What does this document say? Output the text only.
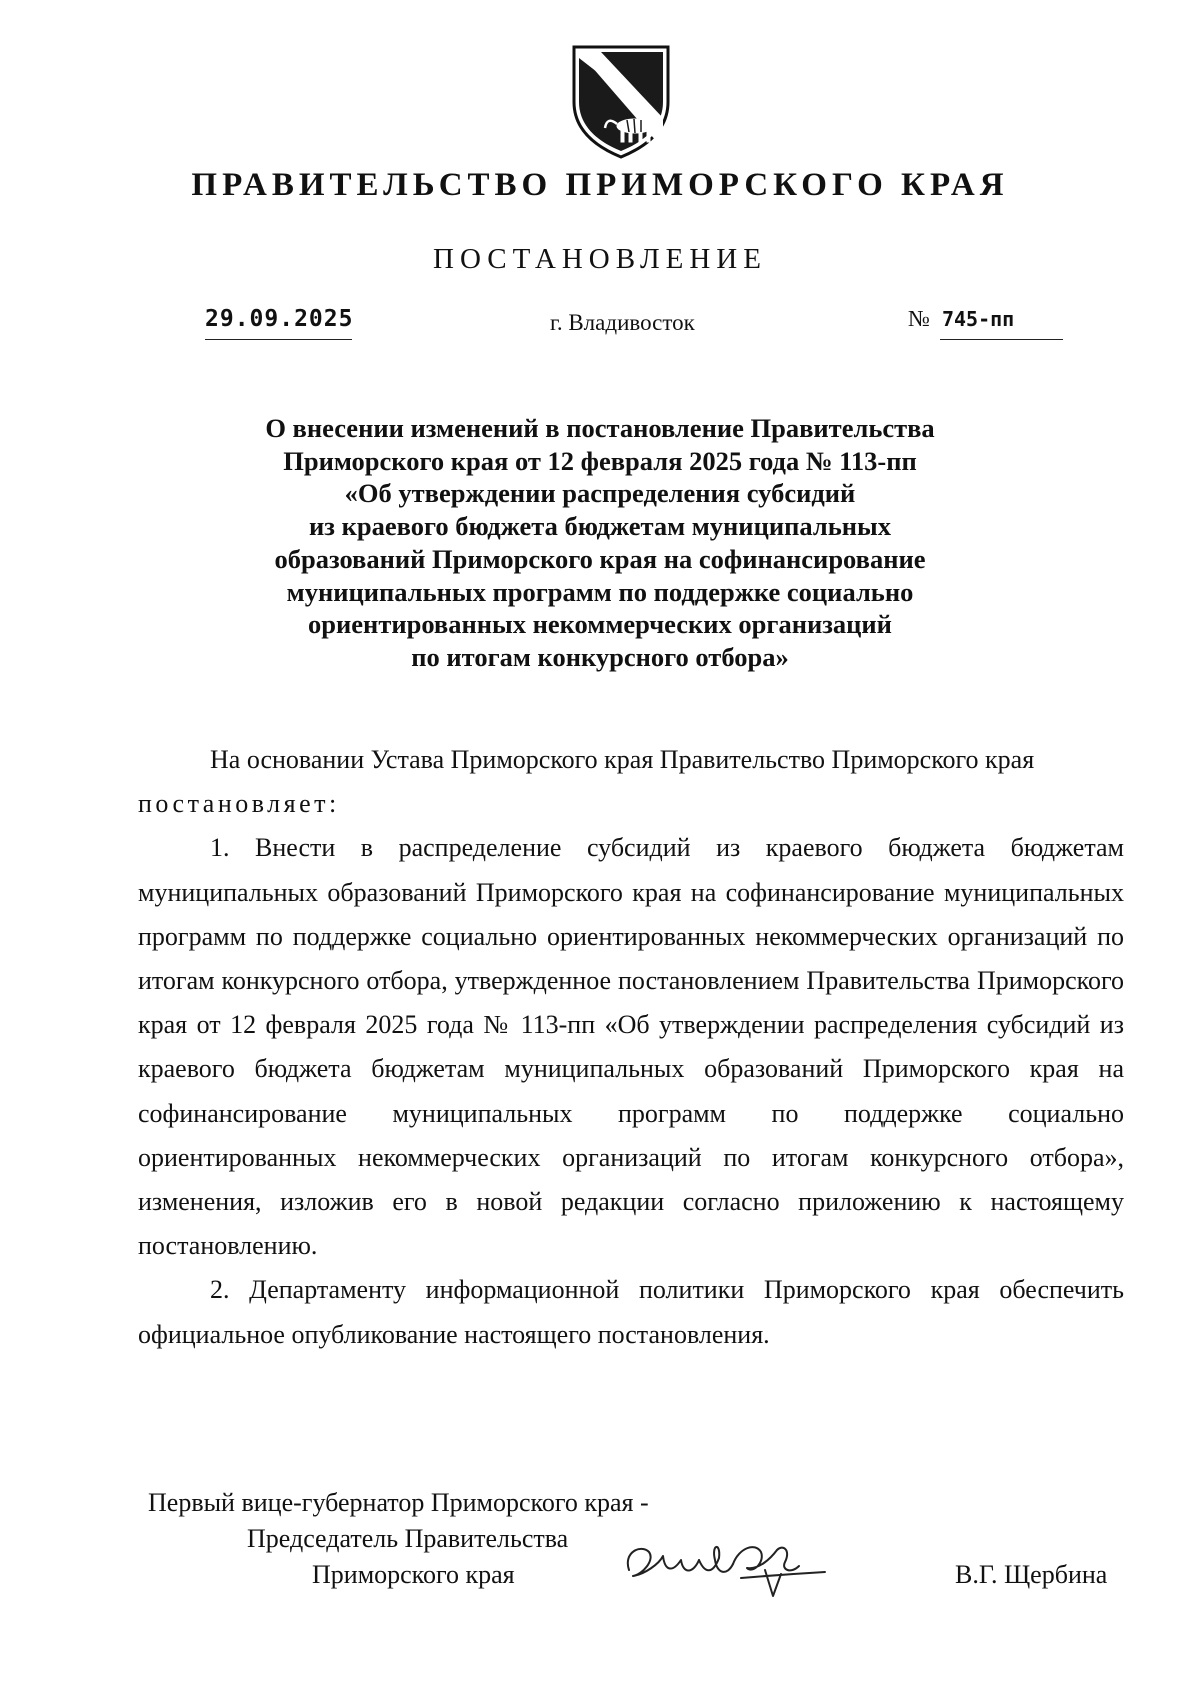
ПРАВИТЕЛЬСТВО ПРИМОРСКОГО КРАЯ
ПОСТАНОВЛЕНИЕ
29.09.2025	г. Владивосток	№ 745-пп
О внесении изменений в постановление Правительства
Приморского края от 12 февраля 2025 года № 113-пп
«Об утверждении распределения субсидий
из краевого бюджета бюджетам муниципальных
образований Приморского края на софинансирование
муниципальных программ по поддержке социально
ориентированных некоммерческих организаций
по итогам конкурсного отбора»

На основании Устава Приморского края Правительство Приморского края
постановляет:

1. Внести в распределение субсидий из краевого бюджета бюджетам муниципальных образований Приморского края на софинансирование муниципальных программ по поддержке социально ориентированных некоммерческих организаций по итогам конкурсного отбора, утвержденное постановлением Правительства Приморского края от 12 февраля 2025 года № 113-пп «Об утверждении распределения субсидий из краевого бюджета бюджетам муниципальных образований Приморского края на софинансирование муниципальных программ по поддержке социально ориентированных некоммерческих организаций по итогам конкурсного отбора», изменения, изложив его в новой редакции согласно приложению к настоящему постановлению.

2. Департаменту информационной политики Приморского края обеспечить официальное опубликование настоящего постановления.

Первый вице-губернатор Приморского края -
Председатель Правительства
Приморского края	В.Г. Щербина
